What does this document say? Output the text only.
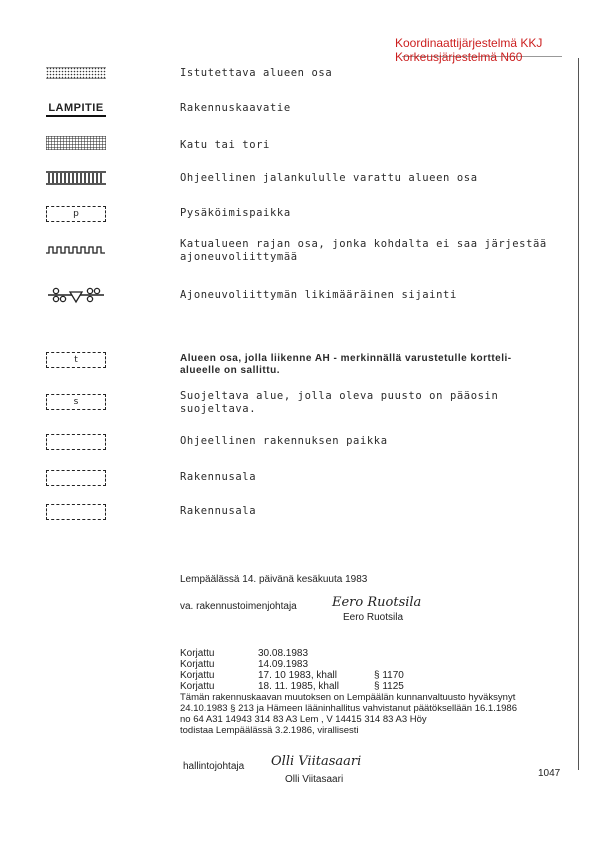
Koordinaattijärjestelmä KKJ
Korkeusjärjestelmä N60
Istutettava alueen osa
LAMPITIE	Rakennuskaavatie
Katu tai tori
Ohjeellinen jalankululle varattu alueen osa
p	Pysäköimispaikka
Katualueen rajan osa, jonka kohdalta ei saa järjestää
ajoneuvoliittymää
Ajoneuvoliittymän likimääräinen sijainti
t	Alueen osa, jolla liikenne AH - merkinnällä varustetulle kortteli-
alueelle on sallittu.
s	Suojeltava alue, jolla oleva puusto on pääosin
suojeltava.
Ohjeellinen rakennuksen paikka
Rakennusala
Rakennusala
Lempäälässä 14. päivänä kesäkuuta 1983
va. rakennustoimenjohtaja	Eero Ruotsila
Eero Ruotsila
Korjattu	30.08.1983
Korjattu	14.09.1983
Korjattu	17. 10 1983, khall	§ 1170
Korjattu	18. 11. 1985, khall	§ 1125
Tämän rakennuskaavan muutoksen on Lempäälän kunnanvaltuusto hyväksynyt
24.10.1983 § 213 ja Hämeen lääninhallitus vahvistanut päätöksellään 16.1.1986
no 64 A31 14943 314 83 A3 Lem , V 14415 314 83 A3 Höy
todistaa Lempäälässä 3.2.1986, virallisesti
hallintojohtaja Olli Viitasaari
Olli Viitasaari
1047
